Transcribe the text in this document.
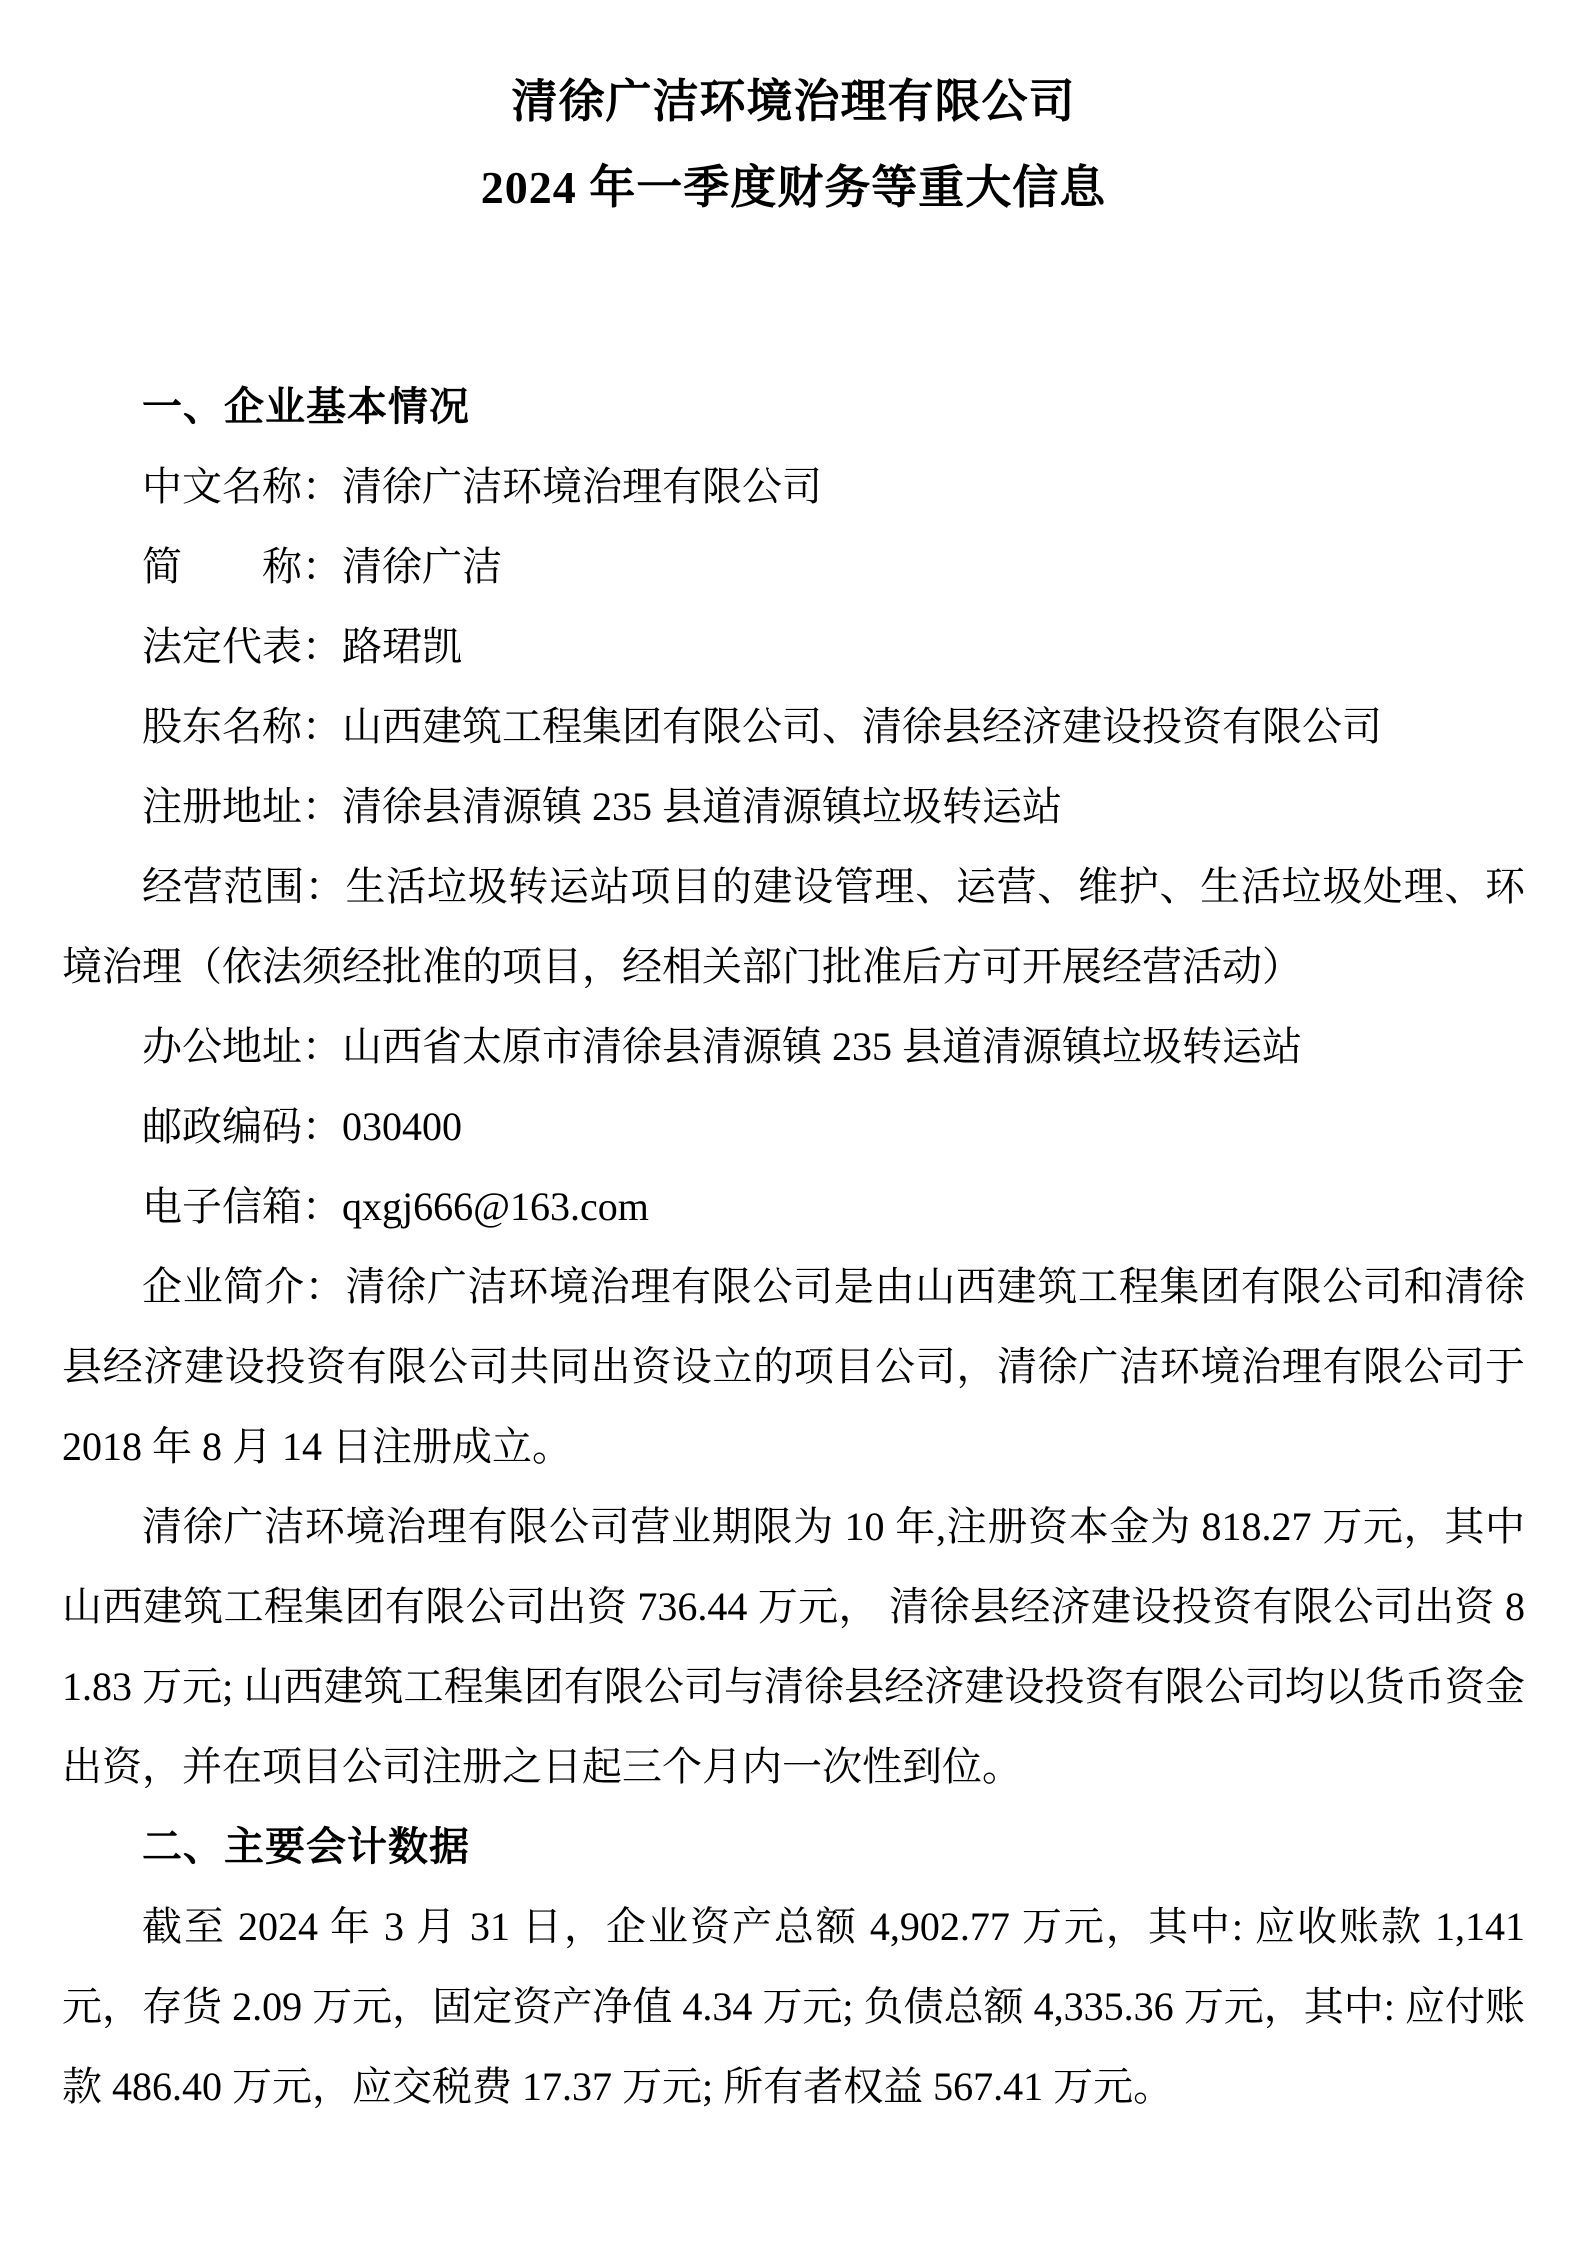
清徐广洁环境治理有限公司
2024 年一季度财务等重大信息
一、企业基本情况

中文名称：清徐广洁环境治理有限公司

简　　称：清徐广洁

法定代表：路珺凯

股东名称：山西建筑工程集团有限公司、清徐县经济建设投资有限公司

注册地址：清徐县清源镇 235 县道清源镇垃圾转运站

经营范围：生活垃圾转运站项目的建设管理、运营、维护、生活垃圾处理、环境治理（依法须经批准的项目，经相关部门批准后方可开展经营活动）

办公地址：山西省太原市清徐县清源镇 235 县道清源镇垃圾转运站

邮政编码：030400

电子信箱：qxgj666@163.com

企业简介：清徐广洁环境治理有限公司是由山西建筑工程集团有限公司和清徐县经济建设投资有限公司共同出资设立的项目公司，清徐广洁环境治理有限公司于 2018 年 8 月 14 日注册成立。

清徐广洁环境治理有限公司营业期限为 10 年,注册资本金为 818.27 万元，其中山西建筑工程集团有限公司出资 736.44 万元， 清徐县经济建设投资有限公司出资 81.83 万元; 山西建筑工程集团有限公司与清徐县经济建设投资有限公司均以货币资金出资，并在项目公司注册之日起三个月内一次性到位。

二、主要会计数据

截至 2024 年 3 月 31 日，企业资产总额 4,902.77 万元，其中: 应收账款 1,141 元，存货 2.09 万元，固定资产净值 4.34 万元; 负债总额 4,335.36 万元，其中: 应付账款 486.40 万元，应交税费 17.37 万元; 所有者权益 567.41 万元。
